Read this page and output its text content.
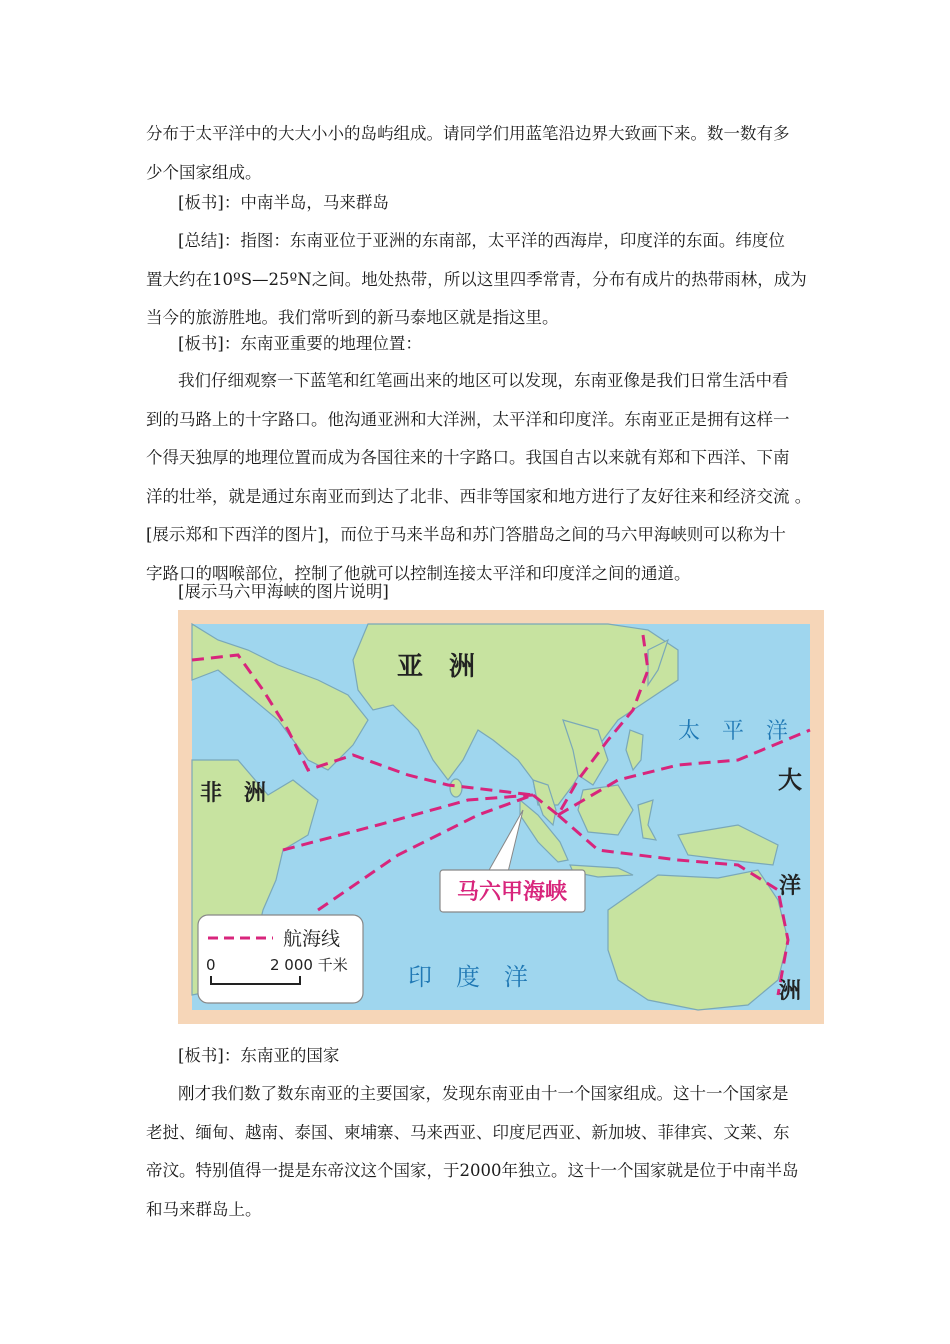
分布于太平洋中的大大小小的岛屿组成。请同学们用蓝笔沿边界大致画下来。数一数有多
少个国家组成。

[板书]：中南半岛，马来群岛

[总结]：指图：东南亚位于亚洲的东南部，太平洋的西海岸，印度洋的东面。纬度位
置大约在10ºS—25ºN之间。地处热带，所以这里四季常青，分布有成片的热带雨林，成为
当今的旅游胜地。我们常听到的新马泰地区就是指这里。

[板书]：东南亚重要的地理位置：

我们仔细观察一下蓝笔和红笔画出来的地区可以发现，东南亚像是我们日常生活中看
到的马路上的十字路口。他沟通亚洲和大洋洲，太平洋和印度洋。东南亚正是拥有这样一
个得天独厚的地理位置而成为各国往来的十字路口。我国自古以来就有郑和下西洋、下南
洋的壮举，就是通过东南亚而到达了北非、西非等国家和地方进行了友好往来和经济交流 。
[展示郑和下西洋的图片]，而位于马来半岛和苏门答腊岛之间的马六甲海峡则可以称为十
字路口的咽喉部位，控制了他就可以控制连接太平洋和印度洋之间的通道。

[展示马六甲海峡的图片说明]

马六甲海峡
亚　洲
非　洲
太　平　洋
印　度　洋
大
洋
洲
航海线
0	2 000 千米

[板书]：东南亚的国家

刚才我们数了数东南亚的主要国家，发现东南亚由十一个国家组成。这十一个国家是
老挝、缅甸、越南、泰国、柬埔寨、马来西亚、印度尼西亚、新加坡、菲律宾、文莱、东
帝汶。特别值得一提是东帝汶这个国家，于2000年独立。这十一个国家就是位于中南半岛
和马来群岛上。
